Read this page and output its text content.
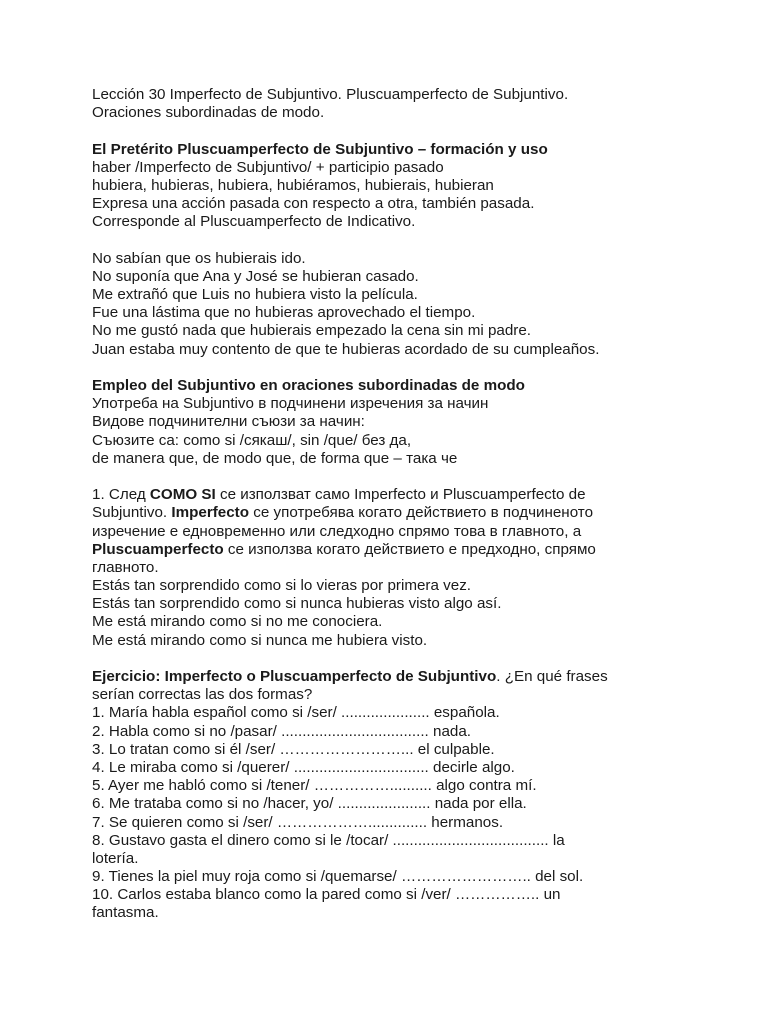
Lección 30 Imperfecto de Subjuntivo. Pluscuamperfecto de Subjuntivo.
Oraciones subordinadas de modo.
El Pretérito Pluscuamperfecto de Subjuntivo – formación y uso
haber /Imperfecto de Subjuntivo/ + participio pasado
hubiera, hubieras, hubiera, hubiéramos, hubierais, hubieran
Expresa una acción pasada con respecto a otra, también pasada.
Corresponde al Pluscuamperfecto de Indicativo.
No sabían que os hubierais ido.
No suponía que Ana y José se hubieran casado.
Me extrañó que Luis no hubiera visto la película.
Fue una lástima que no hubieras aprovechado el tiempo.
No me gustó nada que hubierais empezado la cena sin mi padre.
Juan estaba muy contento de que te hubieras acordado de su cumpleaños.
Empleo del Subjuntivo en oraciones subordinadas de modo
Употреба на Subjuntivo в подчинени изречения за начин
Видове подчинителни съюзи за начин:
Съюзите са: como si /сякаш/, sin /que/ без да,
de manera que, de modo que, de forma que – така че
1. След COMO SI се използват само Imperfecto и Pluscuamperfecto de
Subjuntivo. Imperfecto се употребява когато действието в подчиненото
изречение е едновременно или следходно спрямо това в главното, а
Pluscuamperfecto се използва когато действието е предходно, спрямо
главното.
Estás tan sorprendido como si lo vieras por primera vez.
Estás tan sorprendido como si nunca hubieras visto algo así.
Me está mirando como si no me conociera.
Me está mirando como si nunca me hubiera visto.
Ejercicio: Imperfecto o Pluscuamperfecto de Subjuntivo. ¿En qué frases
serían correctas las dos formas?
1. María habla español como si /ser/ ..................... española.
2. Habla como si no /pasar/ ................................... nada.
3. Lo tratan como si él /ser/ ……………………... el culpable.
4. Le miraba como si /querer/ ................................ decirle algo.
5. Ayer me habló como si /tener/ …………….......... algo contra mí.
6. Me trataba como si no /hacer, yo/ ...................... nada por ella.
7. Se quieren como si /ser/ ……………….............. hermanos.
8. Gustavo gasta el dinero como si le /tocar/ ..................................... la
lotería.
9. Tienes la piel muy roja como si /quemarse/ …………………….. del sol.
10. Carlos estaba blanco como la pared como si /ver/ …………….. un
fantasma.
